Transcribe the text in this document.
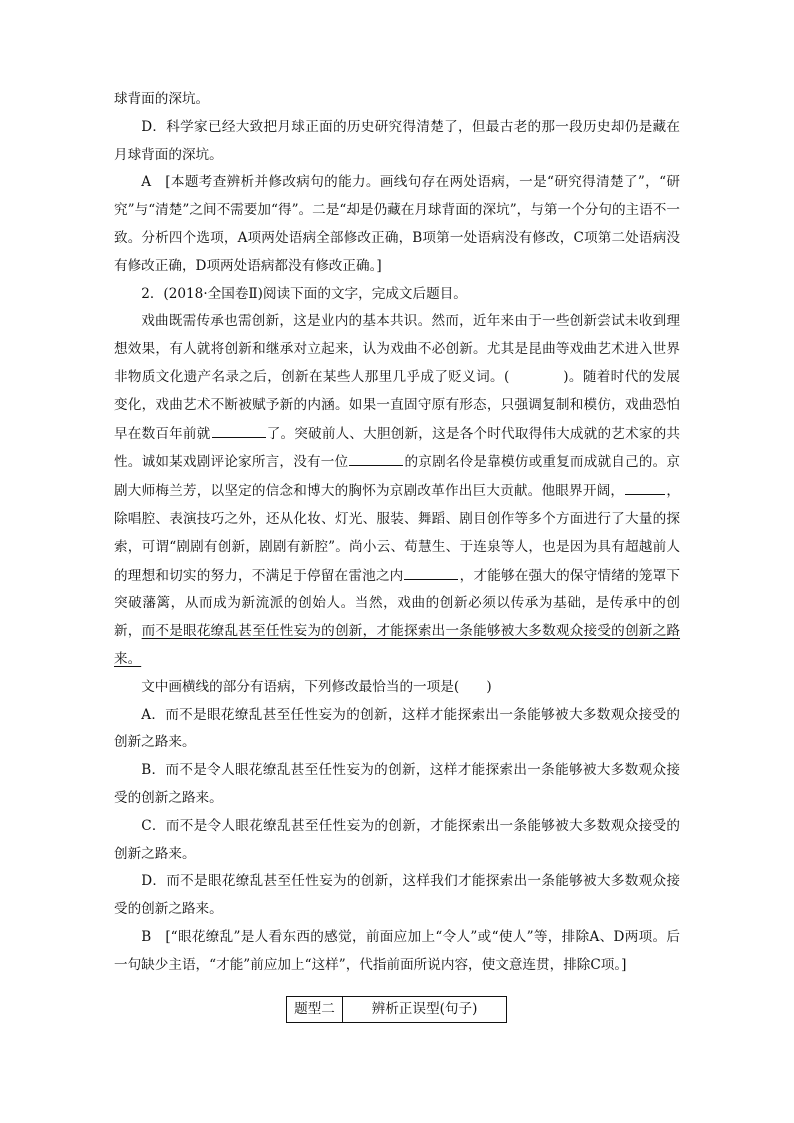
球背面的深坑。

D．科学家已经大致把月球正面的历史研究得清楚了，但最古老的那一段历史却仍是藏在月球背面的深坑。

A　[本题考查辨析并修改病句的能力。画线句存在两处语病，一是“研究得清楚了”，“研究”与“清楚”之间不需要加“得”。二是“却是仍藏在月球背面的深坑”，与第一个分句的主语不一致。分析四个选项，A项两处语病全部修改正确，B项第一处语病没有修改，C项第二处语病没有修改正确，D项两处语病都没有修改正确。]

2．(2018·全国卷Ⅱ)阅读下面的文字，完成文后题目。

戏曲既需传承也需创新，这是业内的基本共识。然而，近年来由于一些创新尝试未收到理想效果，有人就将创新和继承对立起来，认为戏曲不必创新。尤其是昆曲等戏曲艺术进入世界非物质文化遗产名录之后，创新在某些人那里几乎成了贬义词。(	)。随着时代的发展变化，戏曲艺术不断被赋予新的内涵。如果一直固守原有形态，只强调复制和模仿，戏曲恐怕早在数百年前就	了。突破前人、大胆创新，这是各个时代取得伟大成就的艺术家的共性。诚如某戏剧评论家所言，没有一位	的京剧名伶是靠模仿或重复而成就自己的。京剧大师梅兰芳，以坚定的信念和博大的胸怀为京剧改革作出巨大贡献。他眼界开阔，	，除唱腔、表演技巧之外，还从化妆、灯光、服装、舞蹈、剧目创作等多个方面进行了大量的探索，可谓“剧剧有创新，剧剧有新腔”。尚小云、荀慧生、于连泉等人，也是因为具有超越前人的理想和切实的努力，不满足于停留在雷池之内	，才能够在强大的保守情绪的笼罩下突破藩篱，从而成为新流派的创始人。当然，戏曲的创新必须以传承为基础，是传承中的创新，而不是眼花缭乱甚至任性妄为的创新，才能探索出一条能够被大多数观众接受的创新之路来。

文中画横线的部分有语病，下列修改最恰当的一项是(　　)

A．而不是眼花缭乱甚至任性妄为的创新，这样才能探索出一条能够被大多数观众接受的创新之路来。

B．而不是令人眼花缭乱甚至任性妄为的创新，这样才能探索出一条能够被大多数观众接受的创新之路来。

C．而不是令人眼花缭乱甚至任性妄为的创新，才能探索出一条能够被大多数观众接受的创新之路来。

D．而不是眼花缭乱甚至任性妄为的创新，这样我们才能探索出一条能够被大多数观众接受的创新之路来。

B　[“眼花缭乱”是人看东西的感觉，前面应加上“令人”或“使人”等，排除A、D两项。后一句缺少主语，“才能”前应加上“这样”，代指前面所说内容，使文意连贯，排除C项。]

题型二	辨析正误型(句子)
